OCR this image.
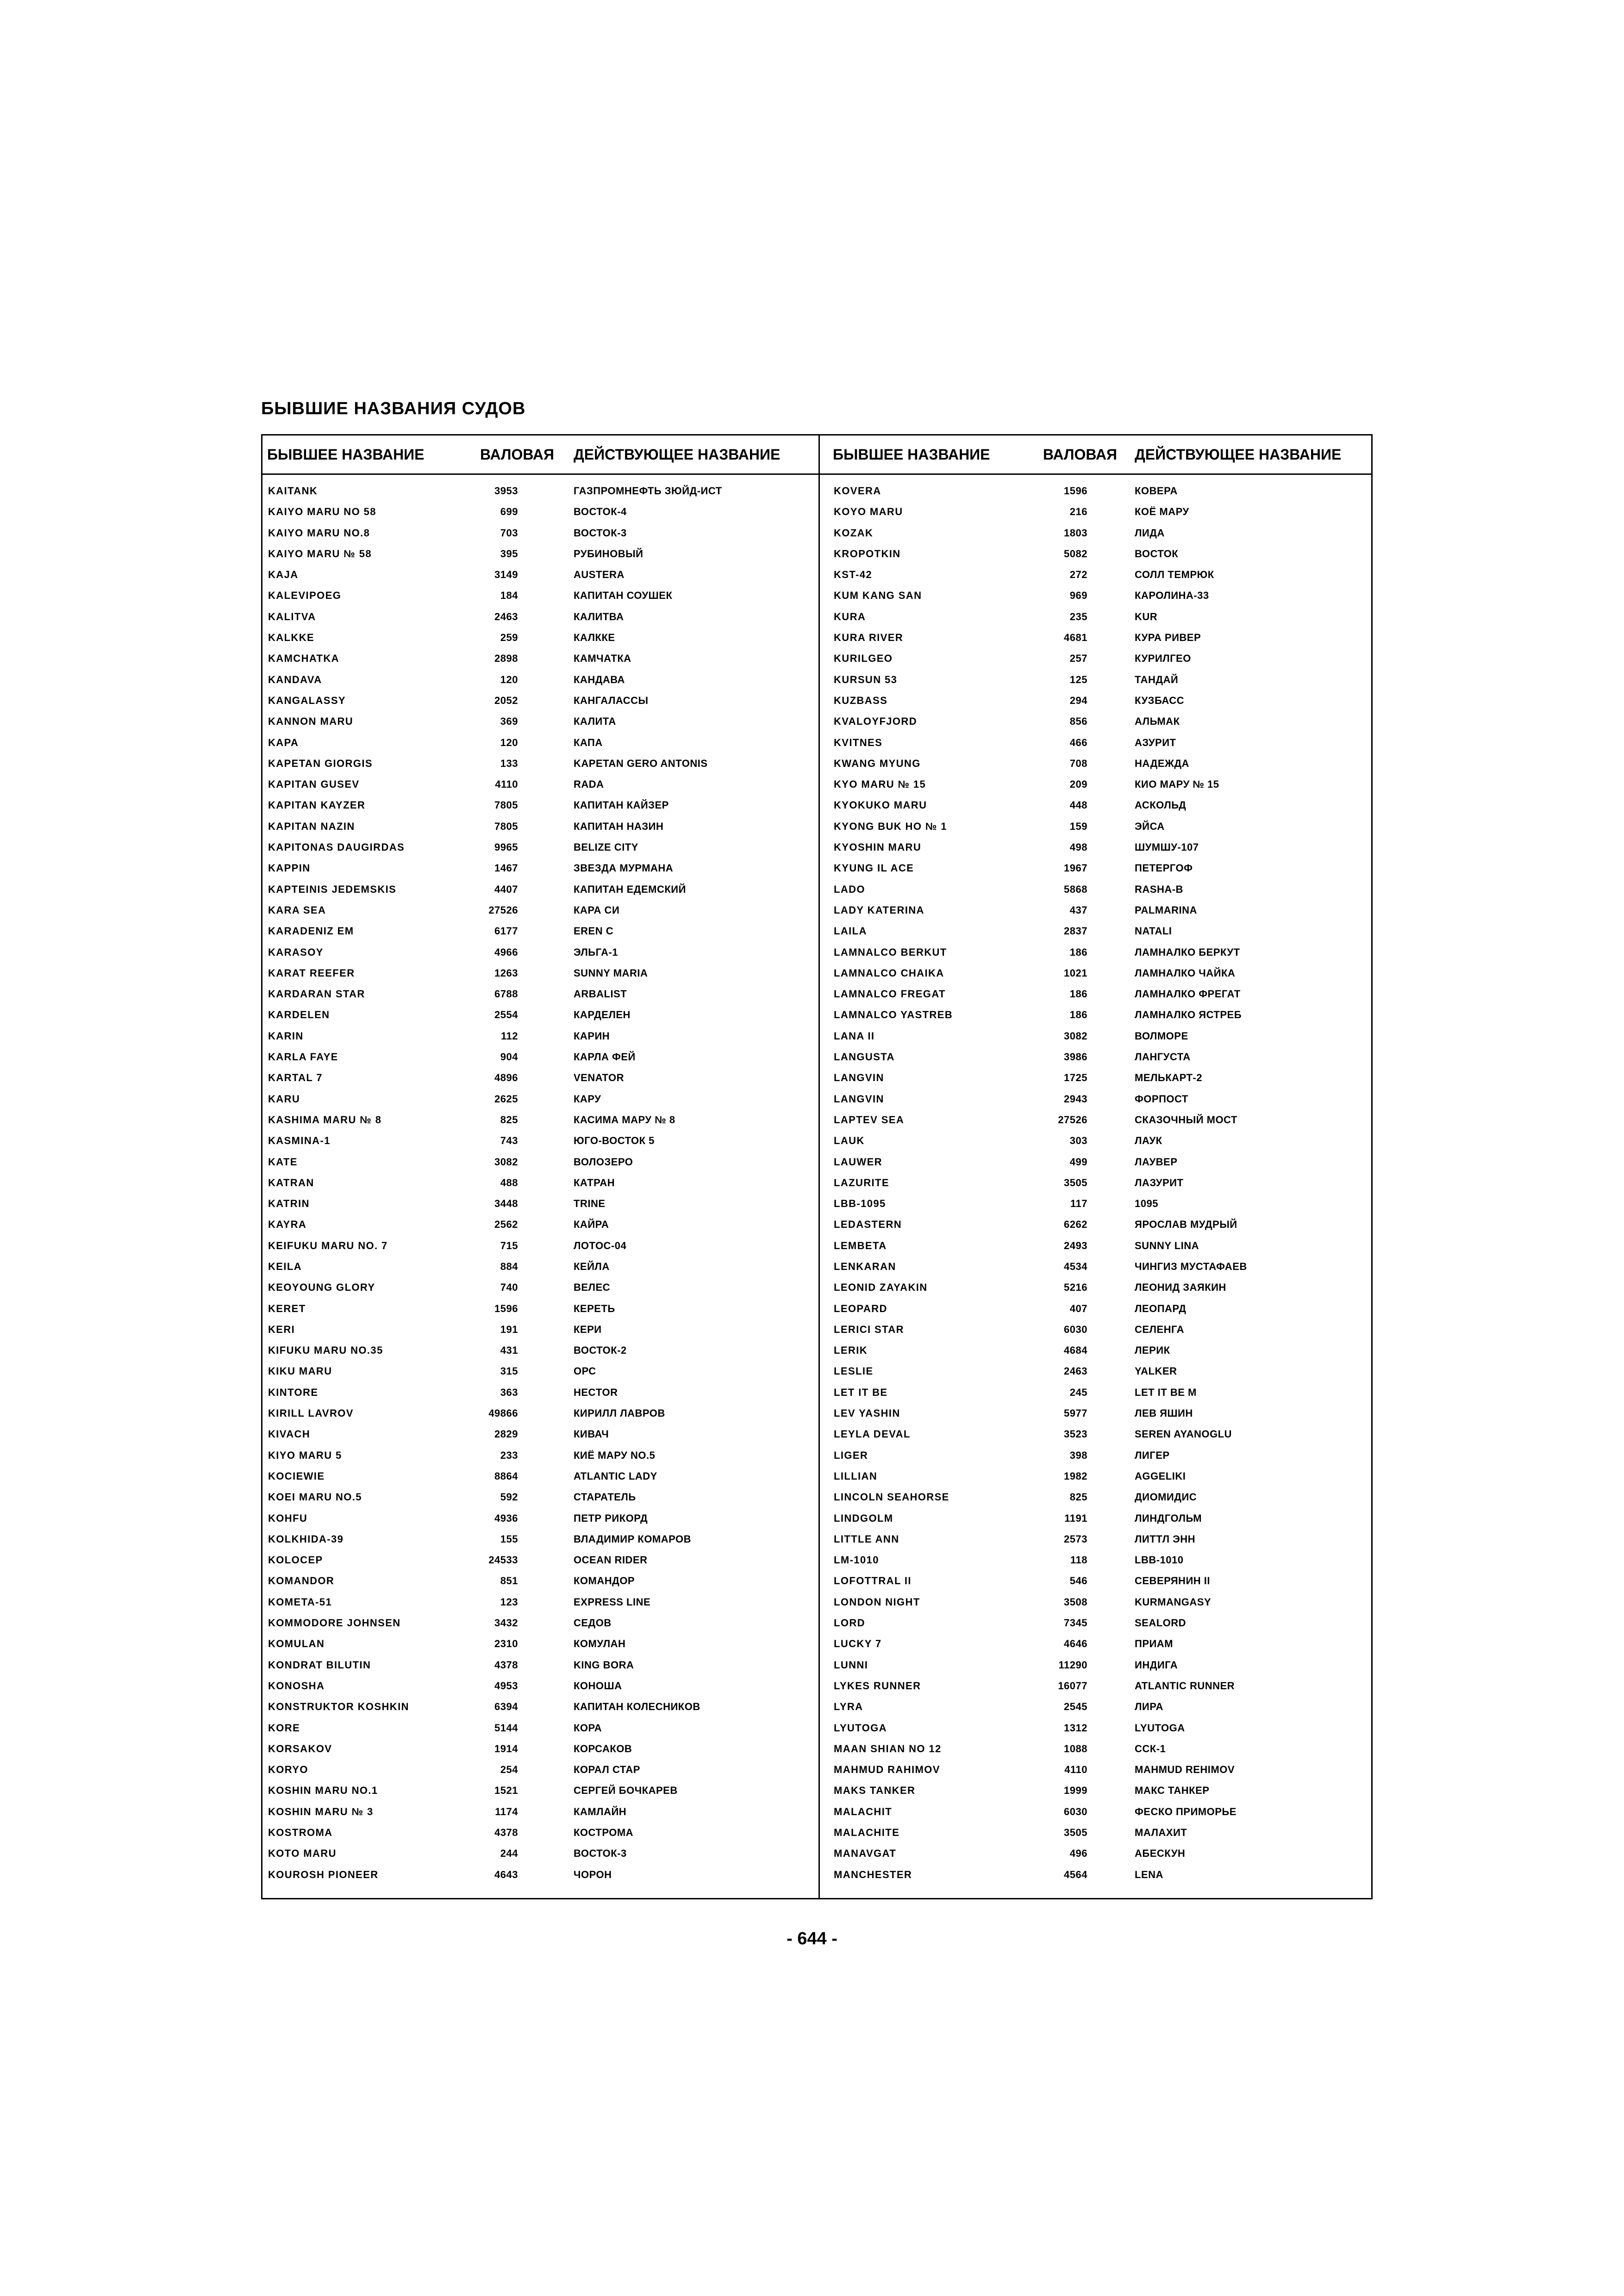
БЫВШИЕ НАЗВАНИЯ СУДОВ
БЫВШЕЕ НАЗВАНИЕ	ВАЛОВАЯ ДЕЙСТВУЮЩЕЕ НАЗВАНИЕ
KAITANK	3953	ГАЗПРОМНЕФТЬ ЗЮЙД-ИСТ
KAIYO MARU NO 58	699	ВОСТОК-4
KAIYO MARU NO.8	703	ВОСТОК-3
KAIYO MARU № 58	395	РУБИНОВЫЙ
KAJA	3149	AUSTERA
KALEVIPOEG	184	КАПИТАН СОУШЕК
KALITVA	2463	КАЛИТВА
KALKKE	259	КАЛККЕ
KAMCHATKA	2898	КАМЧАТКА
KANDAVA	120	КАНДАВА
KANGALASSY	2052	КАНГАЛАССЫ
KANNON MARU	369	КАЛИТА
KAPA	120	КАПА
KAPETAN GIORGIS	133	KAPETAN GERO ANTONIS
KAPITAN GUSEV	4110	RADA
KAPITAN KAYZER	7805	КАПИТАН КАЙЗЕР
KAPITAN NAZIN	7805	КАПИТАН НАЗИН
KAPITONAS DAUGIRDAS	9965	BELIZE CITY
KAPPIN	1467	ЗВЕЗДА МУРМАНА
KAPTEINIS JEDEMSKIS	4407	КАПИТАН ЕДЕМСКИЙ
KARA SEA	27526	КАРА СИ
KARADENIZ EM	6177	EREN C
KARASOY	4966	ЭЛЬГА-1
KARAT REEFER	1263	SUNNY MARIA
KARDARAN STAR	6788	ARBALIST
KARDELEN	2554	КАРДЕЛЕН
KARIN	112	КАРИН
KARLA FAYE	904	КАРЛА ФЕЙ
KARTAL 7	4896	VENATOR
KARU	2625	КАРУ
KASHIMA MARU № 8	825	КАСИМА МАРУ № 8
KASMINA-1	743	ЮГО-ВОСТОК 5
KATE	3082	ВОЛОЗЕРО
KATRAN	488	КАТРАН
KATRIN	3448	TRINE
KAYRA	2562	КАЙРА
KEIFUKU MARU NO. 7	715	ЛОТОС-04
KEILA	884	КЕЙЛА
KEOYOUNG GLORY	740	ВЕЛЕС
KERET	1596	КЕРЕТЬ
KERI	191	КЕРИ
KIFUKU MARU NO.35	431	ВОСТОК-2
KIKU MARU	315	ОРС
KINTORE	363	HECTOR
KIRILL LAVROV	49866	КИРИЛЛ ЛАВРОВ
KIVACH	2829	КИВАЧ
KIYO MARU 5	233	КИЁ МАРУ NO.5
KOCIEWIE	8864	ATLANTIC LADY
KOEI MARU NO.5	592	СТАРАТЕЛЬ
KOHFU	4936	ПЕТР РИКОРД
KOLKHIDA-39	155	ВЛАДИМИР КОМАРОВ
KOLOCEP	24533	OCEAN RIDER
KOMANDOR	851	КОМАНДОР
KOMETA-51	123	EXPRESS LINE
KOMMODORE JOHNSEN	3432	СЕДОВ
KOMULAN	2310	КОМУЛАН
KONDRAT BILUTIN	4378	KING BORA
KONOSHA	4953	КОНОША
KONSTRUKTOR KOSHKIN	6394	КАПИТАН КОЛЕСНИКОВ
KORE	5144	КОРА
KORSAKOV	1914	КОРСАКОВ
KORYO	254	КОРАЛ СТАР
KOSHIN MARU NO.1	1521	СЕРГЕЙ БОЧКАРЕВ
KOSHIN MARU № 3	1174	КАМЛАЙН
KOSTROMA	4378	КОСТРОМА
KOTO MARU	244	ВОСТОК-3
KOUROSH PIONEER	4643	ЧОРОН
БЫВШЕЕ НАЗВАНИЕ	ВАЛОВАЯ ДЕЙСТВУЮЩЕЕ НАЗВАНИЕ
KOVERA	1596	КОВЕРА
KOYO MARU	216	КОЁ МАРУ
KOZAK	1803	ЛИДА
KROPOTKIN	5082	ВОСТОК
KST-42	272	СОЛЛ ТЕМРЮК
KUM KANG SAN	969	КАРОЛИНА-33
KURA	235	KUR
KURA RIVER	4681	КУРА РИВЕР
KURILGEO	257	КУРИЛГЕО
KURSUN 53	125	ТАНДАЙ
KUZBASS	294	КУЗБАСС
KVALOYFJORD	856	АЛЬМАК
KVITNES	466	АЗУРИТ
KWANG MYUNG	708	НАДЕЖДА
KYO MARU № 15	209	КИО МАРУ № 15
KYOKUKO MARU	448	АСКОЛЬД
KYONG BUK HO № 1	159	ЭЙСА
KYOSHIN MARU	498	ШУМШУ-107
KYUNG IL ACE	1967	ПЕТЕРГОФ
LADO	5868	RASHA-B
LADY KATERINA	437	PALMARINA
LAILA	2837	NATALI
LAMNALCO BERKUT	186	ЛАМНАЛКО БЕРКУТ
LAMNALCO CHAIKA	1021	ЛАМНАЛКО ЧАЙКА
LAMNALCO FREGAT	186	ЛАМНАЛКО ФРЕГАТ
LAMNALCO YASTREB	186	ЛАМНАЛКО ЯСТРЕБ
LANA II	3082	ВОЛМОРЕ
LANGUSTA	3986	ЛАНГУСТА
LANGVIN	1725	МЕЛЬКАРТ-2
LANGVIN	2943	ФОРПОСТ
LAPTEV SEA	27526	СКАЗОЧНЫЙ МОСТ
LAUK	303	ЛАУК
LAUWER	499	ЛАУВЕР
LAZURITE	3505	ЛАЗУРИТ
LBB-1095	117	1095
LEDASTERN	6262	ЯРОСЛАВ МУДРЫЙ
LEMBETA	2493	SUNNY LINA
LENKARAN	4534	ЧИНГИЗ МУСТАФАЕВ
LEONID ZAYAKIN	5216	ЛЕОНИД ЗАЯКИН
LEOPARD	407	ЛЕОПАРД
LERICI STAR	6030	СЕЛЕНГА
LERIK	4684	ЛЕРИК
LESLIE	2463	YALKER
LET IT BE	245	LET IT BE M
LEV YASHIN	5977	ЛЕВ ЯШИН
LEYLA DEVAL	3523	SEREN AYANOGLU
LIGER	398	ЛИГЕР
LILLIAN	1982	AGGELIKI
LINCOLN SEAHORSE	825	ДИОМИДИС
LINDGOLM	1191	ЛИНДГОЛЬМ
LITTLE ANN	2573	ЛИТТЛ ЭНН
LM-1010	118	LBB-1010
LOFOTTRAL II	546	СЕВЕРЯНИН II
LONDON NIGHT	3508	KURMANGASY
LORD	7345	SEALORD
LUCKY 7	4646	ПРИАМ
LUNNI	11290	ИНДИГА
LYKES RUNNER	16077	ATLANTIC RUNNER
LYRA	2545	ЛИРА
LYUTOGA	1312	LYUTOGA
MAAN SHIAN NO 12	1088	ССК-1
MAHMUD RAHIMOV	4110	MAHMUD REHIMOV
MAKS TANKER	1999	МАКС ТАНКЕР
MALACHIT	6030	ФЕСКО ПРИМОРЬЕ
MALACHITE	3505	МАЛАХИТ
MANAVGAT	496	АБЕСКУН
MANCHESTER	4564	LENA
- 644 -
